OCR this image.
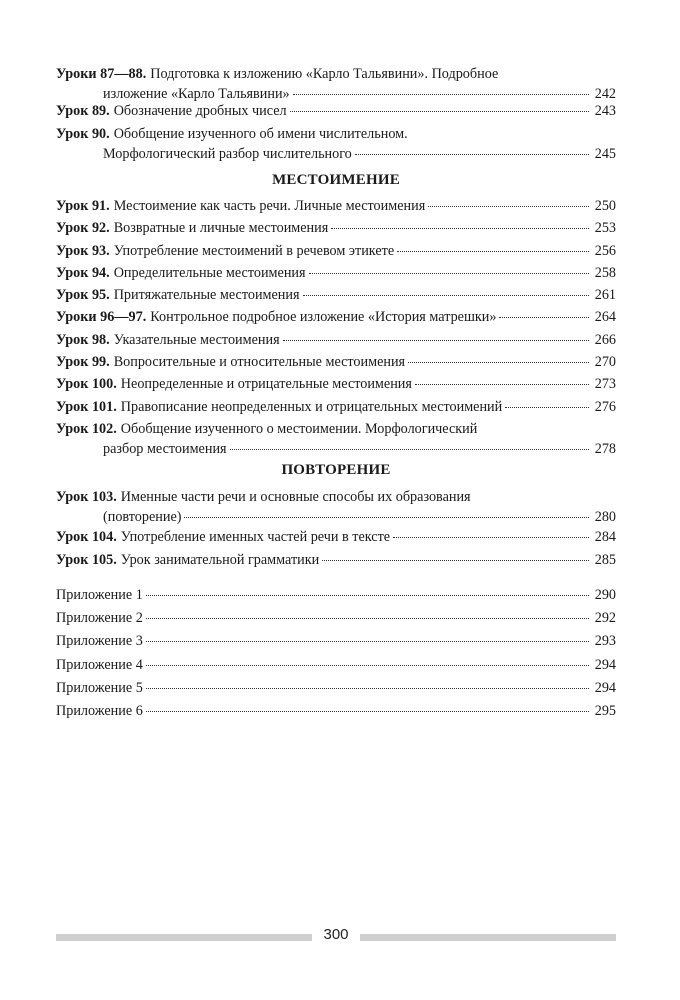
Уроки 87—88. Подготовка к изложению «Карло Тальявини». Подробное
изложение «Карло Тальявини»	242
Урок 89. Обозначение дробных чисел	243
Урок 90. Обобщение изученного об имени числительном.
Морфологический разбор числительного	245
МЕСТОИМЕНИЕ
Урок 91. Местоимение как часть речи. Личные местоимения	250
Урок 92. Возвратные и личные местоимения	253
Урок 93. Употребление местоимений в речевом этикете	256
Урок 94. Определительные местоимения	258
Урок 95. Притяжательные местоимения	261
Уроки 96—97. Контрольное подробное изложение «История матрешки»	264
Урок 98. Указательные местоимения	266
Урок 99. Вопросительные и относительные местоимения	270
Урок 100. Неопределенные и отрицательные местоимения	273
Урок 101. Правописание неопределенных и отрицательных местоимений	276
Урок 102. Обобщение изученного о местоимении. Морфологический
разбор местоимения	278
ПОВТОРЕНИЕ
Урок 103. Именные части речи и основные способы их образования
(повторение)	280
Урок 104. Употребление именных частей речи в тексте	284
Урок 105. Урок занимательной грамматики	285
Приложение 1	290
Приложение 2	292
Приложение 3	293
Приложение 4	294
Приложение 5	294
Приложение 6	295
300
